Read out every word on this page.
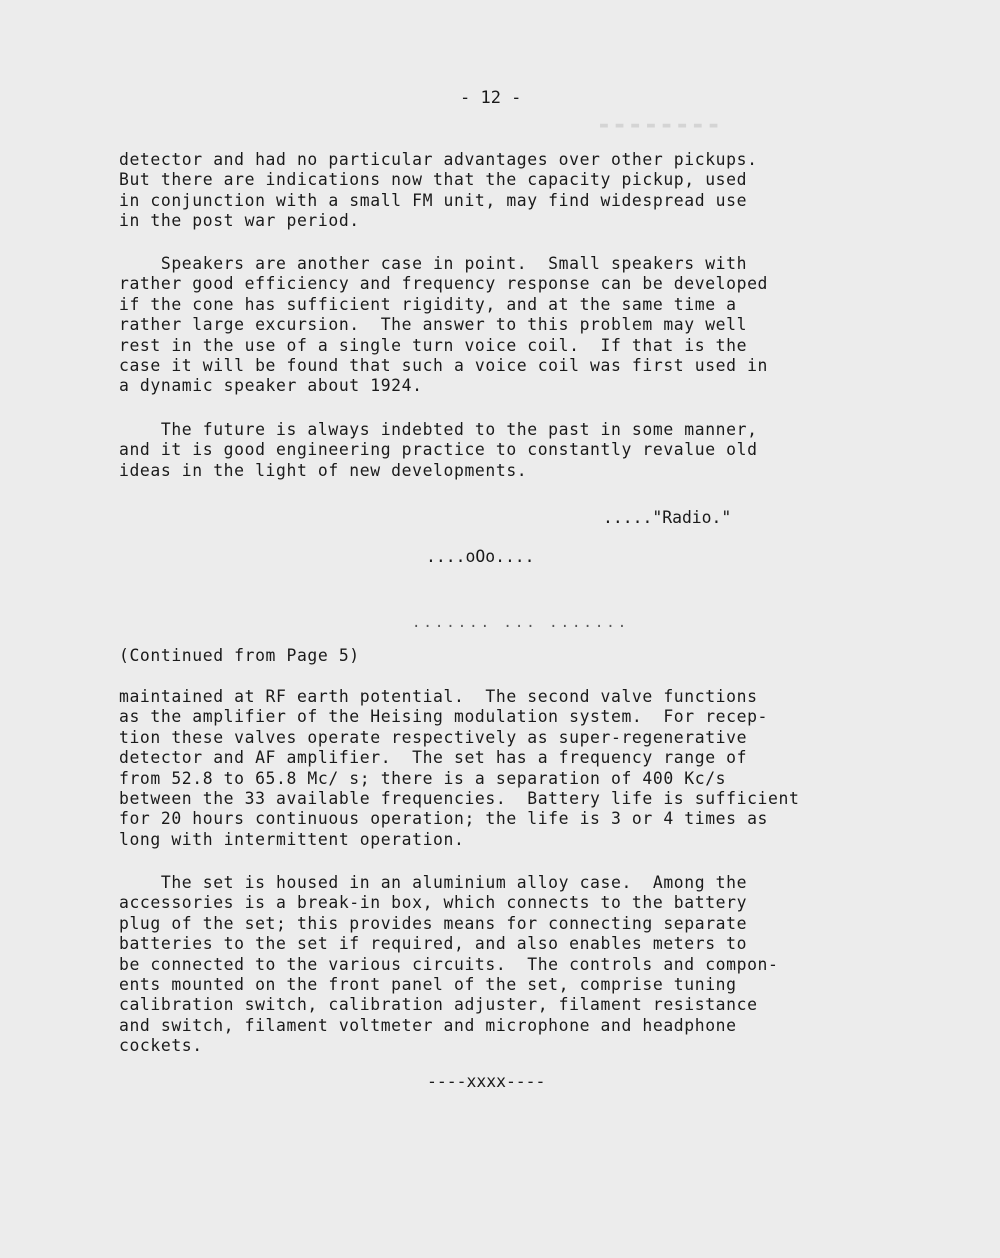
▬ ▬ ▬ ▬ ▬ ▬ ▬ ▬
- 12 -
detector and had no particular advantages over other pickups.
But there are indications now that the capacity pickup, used
in conjunction with a small FM unit, may find widespread use
in the post war period.
Speakers are another case in point.  Small speakers with
rather good efficiency and frequency response can be developed
if the cone has sufficient rigidity, and at the same time a
rather large excursion.  The answer to this problem may well
rest in the use of a single turn voice coil.  If that is the
case it will be found that such a voice coil was first used in
a dynamic speaker about 1924.
The future is always indebted to the past in some manner,
and it is good engineering practice to constantly revalue old
ideas in the light of new developments.
....."Radio."
....oOo....
....... ... .......
(Continued from Page 5)
maintained at RF earth potential.  The second valve functions
as the amplifier of the Heising modulation system.  For recep-
tion these valves operate respectively as super-regenerative
detector and AF amplifier.  The set has a frequency range of
from 52.8 to 65.8 Mc/ s; there is a separation of 400 Kc/s
between the 33 available frequencies.  Battery life is sufficient
for 20 hours continuous operation; the life is 3 or 4 times as
long with intermittent operation.
The set is housed in an aluminium alloy case.  Among the
accessories is a break-in box, which connects to the battery
plug of the set; this provides means for connecting separate
batteries to the set if required, and also enables meters to
be connected to the various circuits.  The controls and compon-
ents mounted on the front panel of the set, comprise tuning
calibration switch, calibration adjuster, filament resistance
and switch, filament voltmeter and microphone and headphone
cockets.
----xxxx----
